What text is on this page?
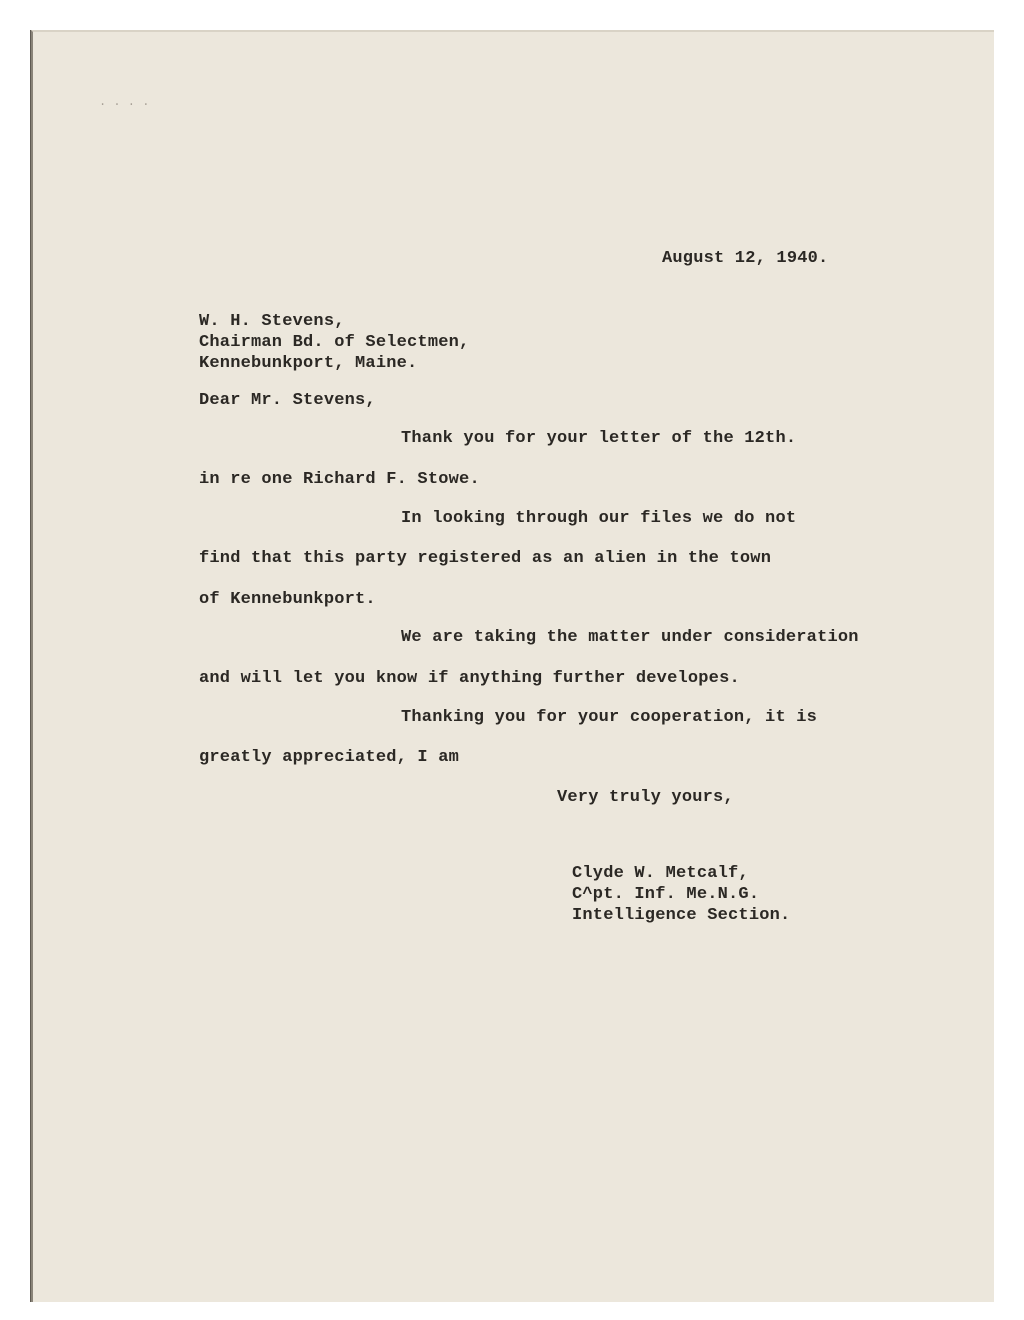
. . . .

August 12, 1940.

W. H. Stevens,

Chairman Bd. of Selectmen,

Kennebunkport, Maine.

Dear Mr. Stevens,

Thank you for your letter of the 12th.

in re one Richard F. Stowe.

In looking through our files we do not

find that this party registered as an alien in the town

of Kennebunkport.

We are taking the matter under consideration

and will let you know if anything further developes.

Thanking you for your cooperation, it is

greatly appreciated, I am

Very truly yours,

Clyde W. Metcalf,

C^pt. Inf. Me.N.G.

Intelligence Section.
